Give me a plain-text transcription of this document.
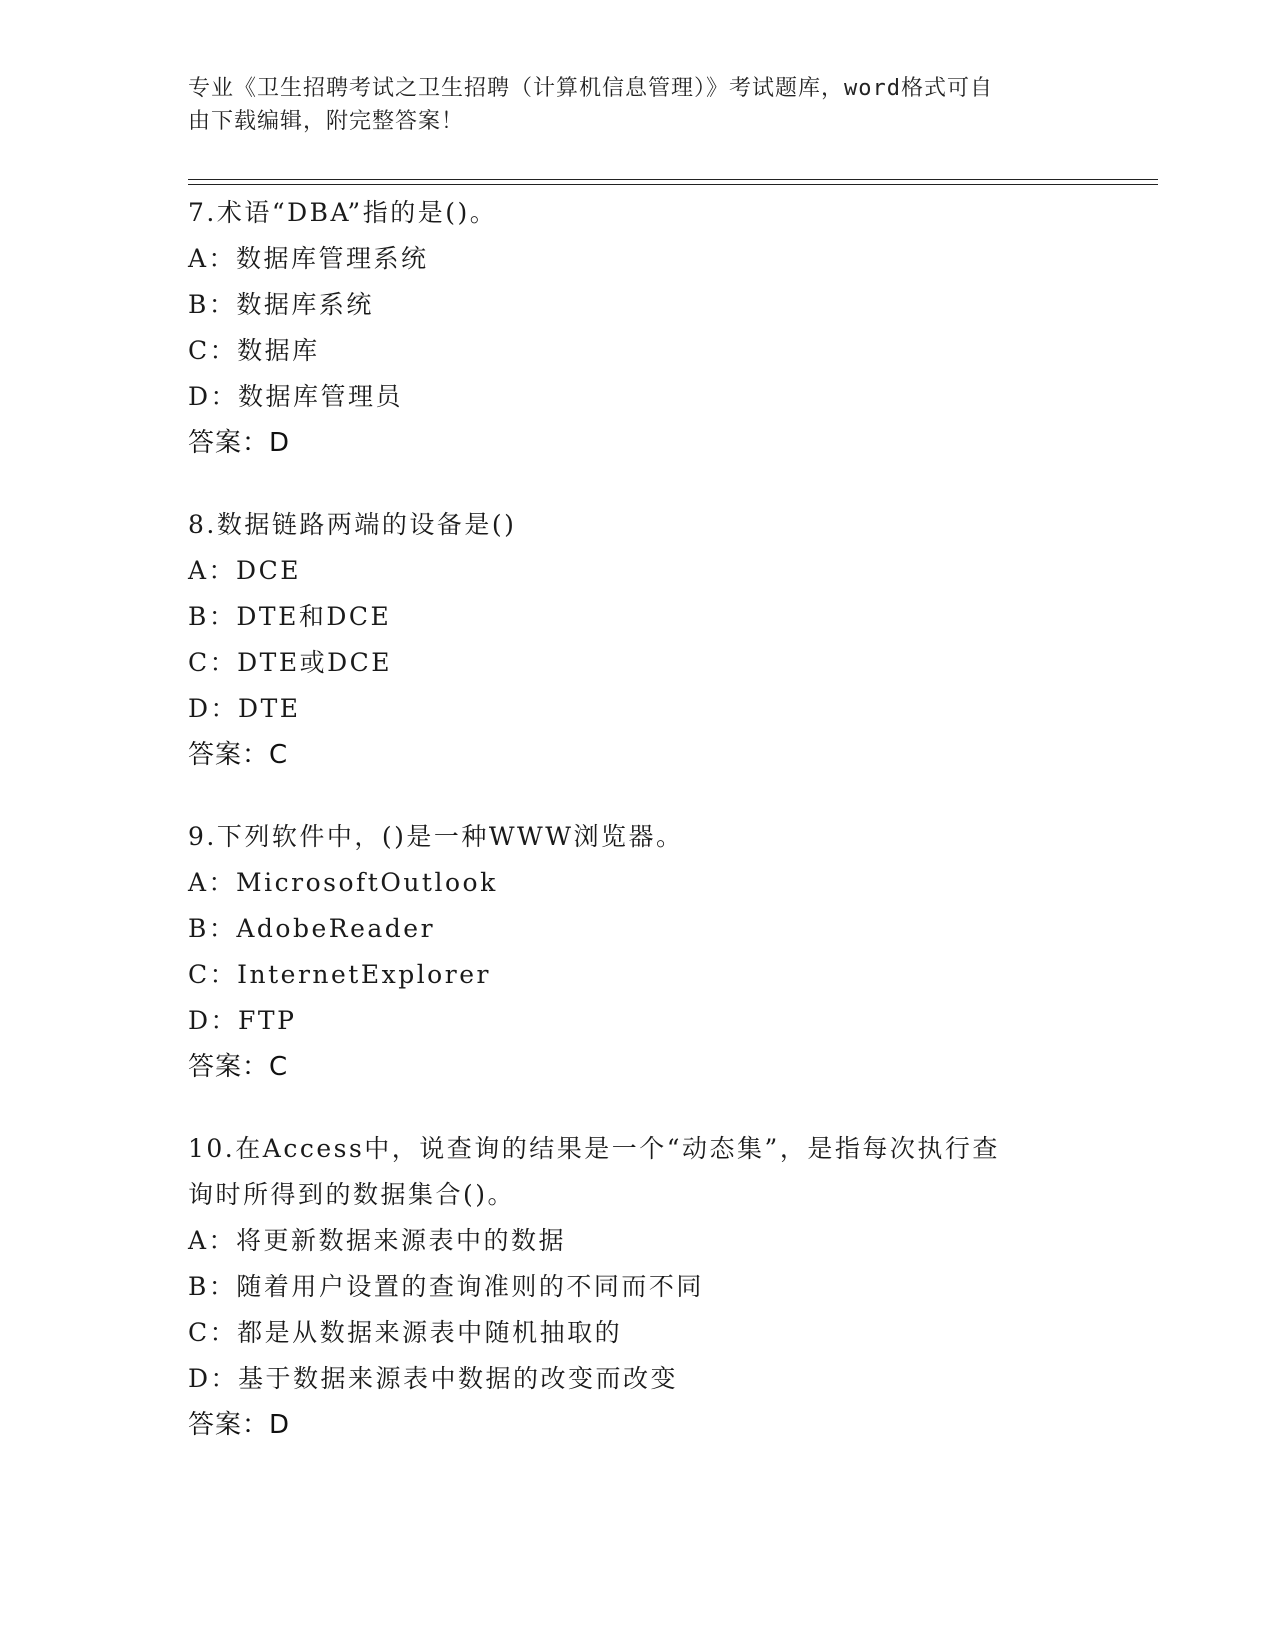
专业《卫生招聘考试之卫生招聘（计算机信息管理）》考试题库，word格式可自
由下载编辑，附完整答案！
7.术语“DBA”指的是()。
A：数据库管理系统
B：数据库系统
C：数据库
D：数据库管理员
答案：D
8.数据链路两端的设备是()
A：DCE
B：DTE和DCE
C：DTE或DCE
D：DTE
答案：C
9.下列软件中，()是一种WWW浏览器。
A：MicrosoftOutlook
B：AdobeReader
C：InternetExplorer
D：FTP
答案：C
10.在Access中，说查询的结果是一个“动态集”，是指每次执行查
询时所得到的数据集合()。
A：将更新数据来源表中的数据
B：随着用户设置的查询准则的不同而不同
C：都是从数据来源表中随机抽取的
D：基于数据来源表中数据的改变而改变
答案：D
